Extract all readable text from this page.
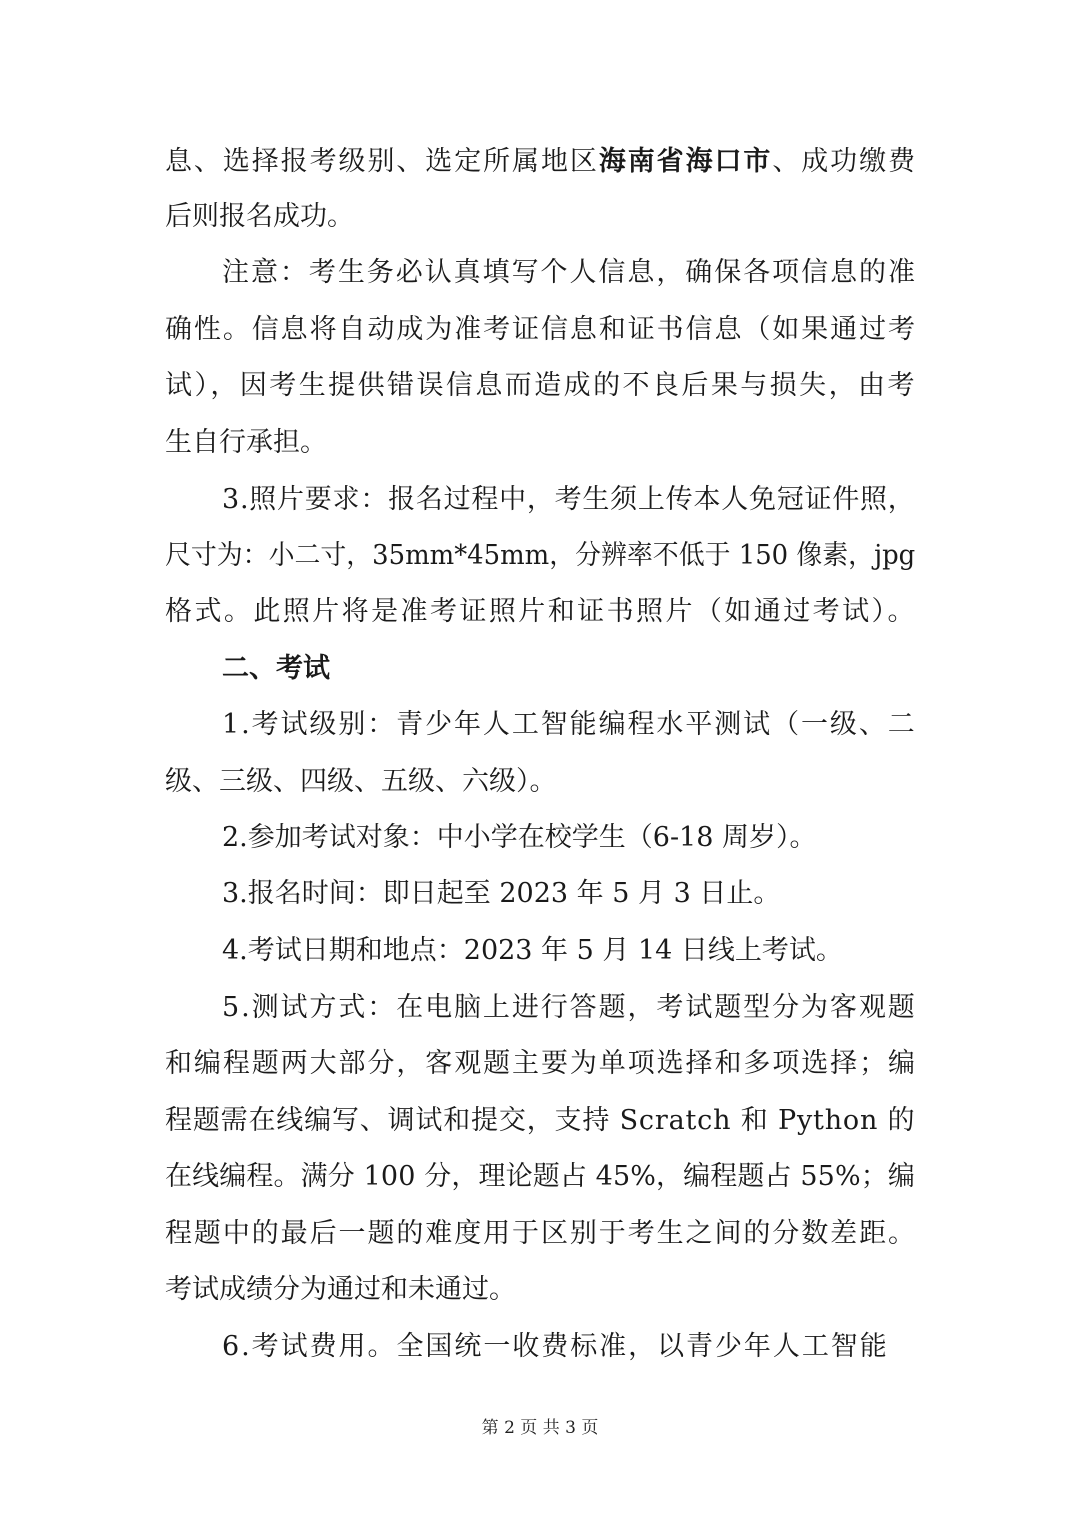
息、选择报考级别、选定所属地区海南省海口市、成功缴费
后则报名成功。
注意：考生务必认真填写个人信息，确保各项信息的准
确性。信息将自动成为准考证信息和证书信息（如果通过考
试），因考生提供错误信息而造成的不良后果与损失，由考
生自行承担。
3.照片要求：报名过程中，考生须上传本人免冠证件照，
尺寸为：小二寸，35mm*45mm，分辨率不低于 150 像素，jpg
格式。此照片将是准考证照片和证书照片（如通过考试）。
二、考试
1.考试级别：青少年人工智能编程水平测试（一级、二
级、三级、四级、五级、六级）。
2.参加考试对象：中小学在校学生（6-18 周岁）。
3.报名时间：即日起至 2023 年 5 月 3 日止。
4.考试日期和地点：2023 年 5 月 14 日线上考试。
5.测试方式：在电脑上进行答题，考试题型分为客观题
和编程题两大部分，客观题主要为单项选择和多项选择；编
程题需在线编写、调试和提交，支持 Scratch 和 Python 的
在线编程。满分 100 分，理论题占 45%，编程题占 55%；编
程题中的最后一题的难度用于区别于考生之间的分数差距。
考试成绩分为通过和未通过。
6.考试费用。全国统一收费标准，以青少年人工智能
第 2 页 共 3 页
